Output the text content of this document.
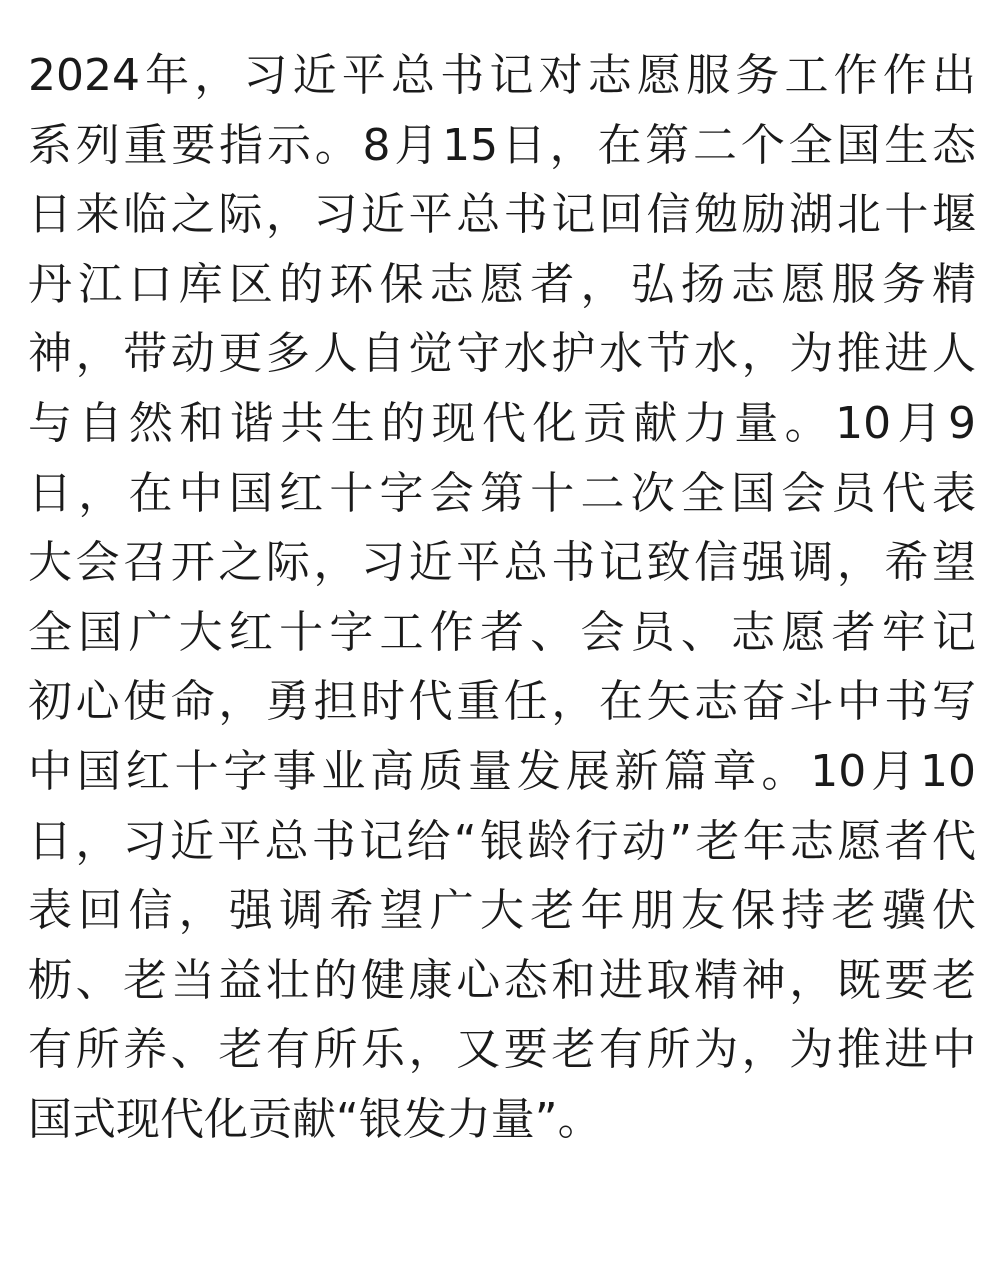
2024年，习近平总书记对志愿服务工作作出
系列重要指示。8月15日，在第二个全国生态
日来临之际，习近平总书记回信勉励湖北十堰
丹江口库区的环保志愿者，弘扬志愿服务精
神，带动更多人自觉守水护水节水，为推进人
与自然和谐共生的现代化贡献力量。10月9
日，在中国红十字会第十二次全国会员代表
大会召开之际，习近平总书记致信强调，希望
全国广大红十字工作者、会员、志愿者牢记
初心使命，勇担时代重任，在矢志奋斗中书写
中国红十字事业高质量发展新篇章。10月10
日，习近平总书记给“银龄行动”老年志愿者代
表回信，强调希望广大老年朋友保持老骥伏
枥、老当益壮的健康心态和进取精神，既要老
有所养、老有所乐，又要老有所为，为推进中
国式现代化贡献“银发力量”。
